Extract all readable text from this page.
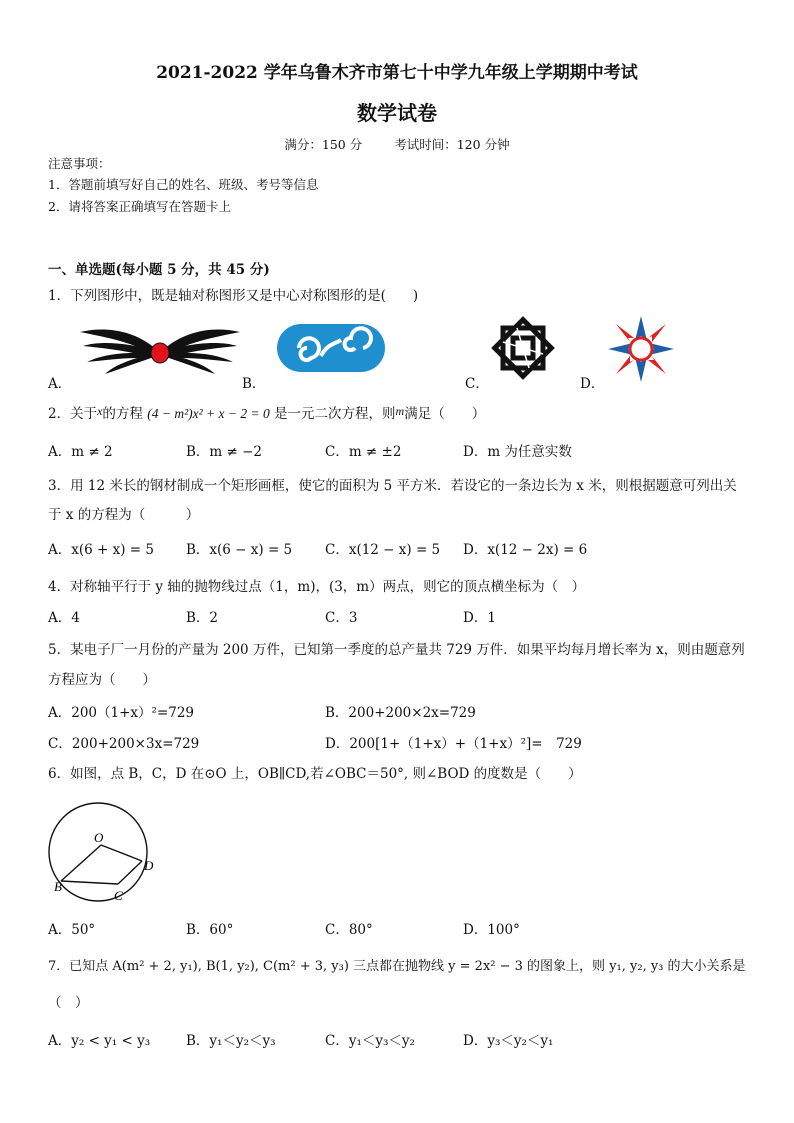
2021-2022 学年乌鲁木齐市第七十中学九年级上学期期中考试
数学试卷
满分：150 分	考试时间：120 分钟
注意事项：
1．答题前填写好自己的姓名、班级、考号等信息
2．请将答案正确填写在答题卡上
一、单选题(每小题 5 分，共 45 分)
1．下列图形中，既是轴对称图形又是中心对称图形的是(　　)
A．	B．	C．	D．
2．关于x的方程 (4 − m²)x² + x − 2 = 0 是一元二次方程，则m满足（　　）
A．m ≠ 2	B．m ≠ −2	C．m ≠ ±2	D．m 为任意实数
3．用 12 米长的钢材制成一个矩形画框，使它的面积为 5 平方米．若设它的一条边长为 x 米，则根据题意可列出关
于 x 的方程为（　　　）
A．x(6 + x) = 5 B．x(6 − x) = 5 C．x(12 − x) = 5 D．x(12 − 2x) = 6
4．对称轴平行于 y 轴的抛物线过点（1，m)，(3，m）两点，则它的顶点横坐标为（　）
A．4	B．2	C．3	D．1
5．某电子厂一月份的产量为 200 万件，已知第一季度的总产量共 729 万件．如果平均每月增长率为 x，则由题意列
方程应为（　　）
A．200（1+x）²=729	B．200+200×2x=729
C．200+200×3x=729	D．200[1+（1+x）+（1+x）²]=　729
6．如图，点 B，C，D 在⊙O 上，OB∥CD,若∠OBC＝50°, 则∠BOD 的度数是（　　）
O
B
C
D
A．50°	B．60°	C．80°	D．100°
7．已知点 A(m² + 2, y₁), B(1, y₂), C(m² + 3, y₃) 三点都在抛物线 y = 2x² − 3 的图象上，则 y₁, y₂, y₃ 的大小关系是
（　）
A．y₂ < y₁ < y₃	B．y₁＜y₂＜y₃	C．y₁＜y₃＜y₂	D．y₃＜y₂＜y₁
